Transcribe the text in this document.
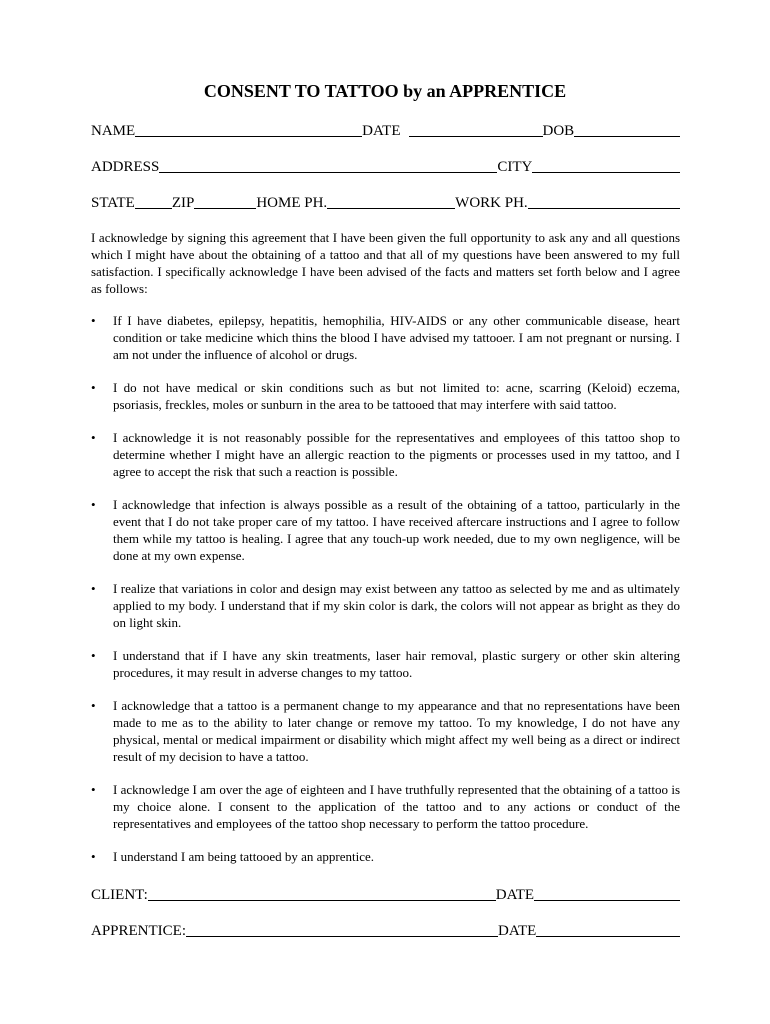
CONSENT TO TATTOO by an APPRENTICE
NAME	DATE	DOB
ADDRESS	CITY
STATE ZIP	HOME PH.	WORK PH.

I acknowledge by signing this agreement that I have been given the full opportunity to ask any and all questions which I might have about the obtaining of a tattoo and that all of my questions have been answered to my full satisfaction. I specifically acknowledge I have been advised of the facts and matters set forth below and I agree as follows:

• If I have diabetes, epilepsy, hepatitis, hemophilia, HIV-AIDS or any other communicable disease, heart condition or take medicine which thins the blood I have advised my tattooer. I am not pregnant or nursing. I am not under the influence of alcohol or drugs.
• I do not have medical or skin conditions such as but not limited to: acne, scarring (Keloid) eczema, psoriasis, freckles, moles or sunburn in the area to be tattooed that may interfere with said tattoo.
• I acknowledge it is not reasonably possible for the representatives and employees of this tattoo shop to determine whether I might have an allergic reaction to the pigments or processes used in my tattoo, and I agree to accept the risk that such a reaction is possible.
• I acknowledge that infection is always possible as a result of the obtaining of a tattoo, particularly in the event that I do not take proper care of my tattoo. I have received aftercare instructions and I agree to follow them while my tattoo is healing. I agree that any touch-up work needed, due to my own negligence, will be done at my own expense.
• I realize that variations in color and design may exist between any tattoo as selected by me and as ultimately applied to my body. I understand that if my skin color is dark, the colors will not appear as bright as they do on light skin.
• I understand that if I have any skin treatments, laser hair removal, plastic surgery or other skin altering procedures, it may result in adverse changes to my tattoo.
• I acknowledge that a tattoo is a permanent change to my appearance and that no representations have been made to me as to the ability to later change or remove my tattoo. To my knowledge, I do not have any physical, mental or medical impairment or disability which might affect my well being as a direct or indirect result of my decision to have a tattoo.
• I acknowledge I am over the age of eighteen and I have truthfully represented that the obtaining of a tattoo is my choice alone. I consent to the application of the tattoo and to any actions or conduct of the representatives and employees of the tattoo shop necessary to perform the tattoo procedure.
• I understand I am being tattooed by an apprentice.
CLIENT:	DATE
APPRENTICE:	DATE
